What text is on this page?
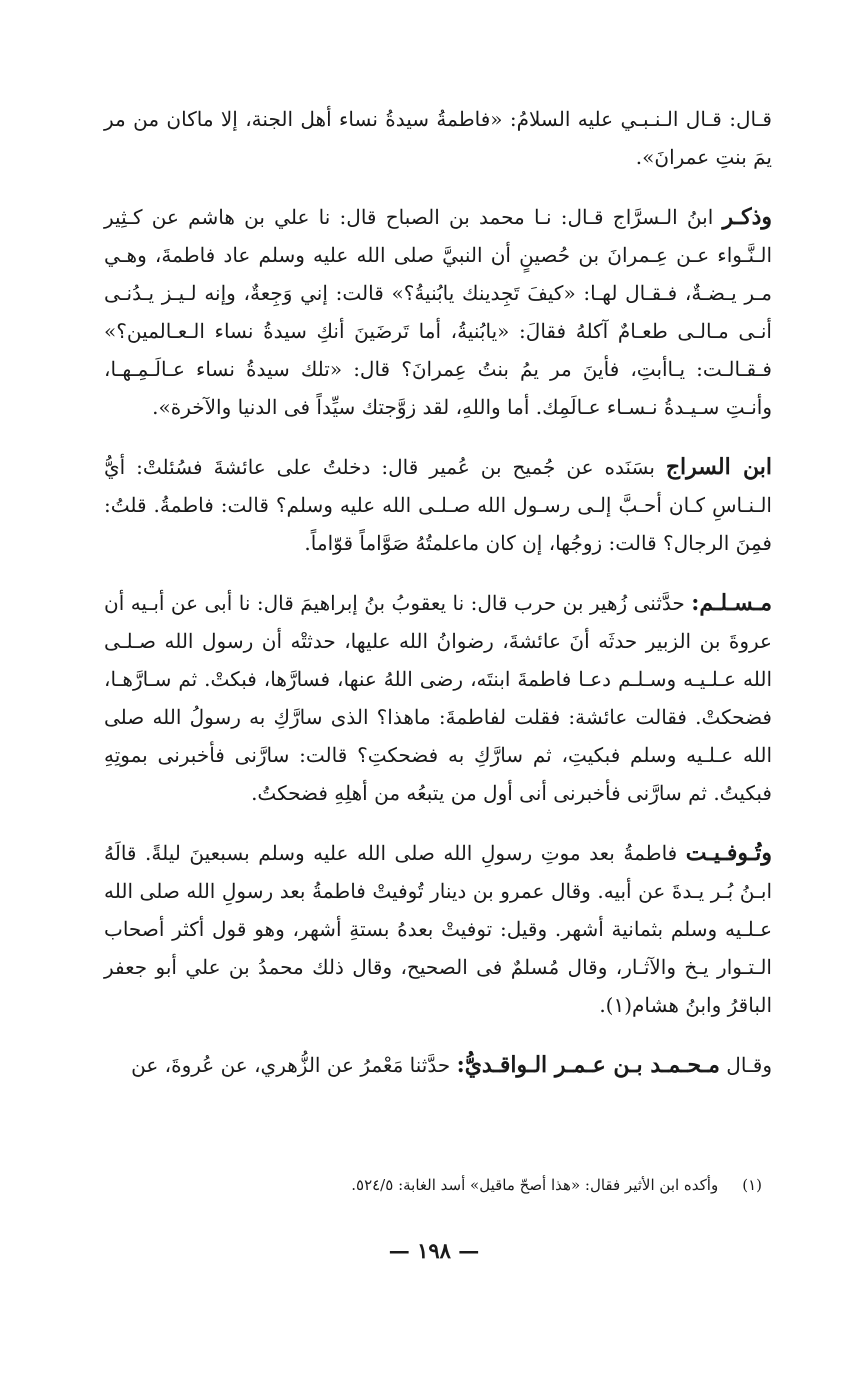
قـال: قـال الـنـبـي عليه السلامُ: «فاطمةُ سيدةُ نساء أهل الجنة، إلا ماكان من مر يمَ بنتِ عمرانَ».

وذكـر ابنُ الـسرَّاج قـال: نـا محمد بن الصباح قال: نا علي بن هاشم عن كـثِير الـنَّـواء عـن عِـمرانَ بن حُصينٍ أن النبيَّ صلى الله عليه وسلم عاد فاطمةَ، وهـي مـر يـضـةٌ، فـقـال لهـا: «كيفَ تَجِدينك يابُنيةُ؟» قالت: إني وَجِعةٌ، وإنه لـيـز يـدُنـى أنـى مـالـى طعـامٌ آكلهُ فقالَ: «يابُنيةُ، أما تَرضَينَ أنكِ سيدةُ نساء الـعـالمين؟» فـقـالـت: يـاأبتِ، فأينَ مر يمُ بنتُ عِمرانَ؟ قال: «تلك سيدةُ نساء عـالَـمِـهـا، وأنـتِ سـيـدةُ نـسـاء عـالَمِك. أما واللهِ، لقد زوَّجتك سيِّداً فى الدنيا والآخرة».

ابن السراج بسَنَده عن جُميح بن عُمير قال: دخلتُ على عائشةَ فسُئلتْ: أيُّ الـنـاسِ كـان أحـبَّ إلـى رسـول الله صـلـى الله عليه وسلم؟ قالت: فاطمةُ. قلتُ: فمِنَ الرجال؟ قالت: زوجُها، إن كان ماعلمتُهُ صَوَّاماً قوّاماً.

مـسـلـم: حدَّثنى زُهير بن حرب قال: نا يعقوبُ بنُ إبراهيمَ قال: نا أبى عن أبـيه أن عروةَ بن الزبير حدثَه أنَ عائشةَ، رضوانُ الله عليها، حدثتْه أن رسول الله صـلـى الله عـلـيـه وسـلـم دعـا فاطمةَ ابنتَه، رضى اللهُ عنها، فسارَّها، فبكتْ. ثم سـارَّهـا، فضحكتْ. فقالت عائشة: فقلت لفاطمةَ: ماهذا؟ الذى سارَّكِ به رسولُ الله صلى الله عـلـيه وسلم فبكيتِ، ثم سارَّكِ به فضحكتِ؟ قالت: سارَّنى فأخبرنى بموتِهِ فبكيتُ. ثم سارَّنى فأخبرنى أنى أول من يتبعُه من أهلِهِ فضحكتُ.

وتُـوفـيـت فاطمةُ بعد موتِ رسولِ الله صلى الله عليه وسلم بسبعينَ ليلةً. قالَهُ ابـنُ بُـر يـدةَ عن أبيه. وقال عمرو بن دينار تُوفيتْ فاطمةُ بعد رسولِ الله صلى الله عـلـيه وسلم بثمانية أشهر. وقيل: توفيتْ بعدهُ بستةِ أشهر، وهو قول أكثر أصحاب الـتـوار يـخ والآثـار، وقال مُسلمٌ فى الصحيح، وقال ذلك محمدُ بن علي أبو جعفر الباقرُ وابنُ هشام(١).

وقـال مـحـمـد بـن عـمـر الـواقـديُّ: حدَّثنا مَعْمرُ عن الزُّهري، عن عُروةَ، عن

(١)وأكده ابن الأثير فقال: «هذا أصحّ ماقيل» أسد الغابة: ٥٢٤/٥.
— ١٩٨ —
